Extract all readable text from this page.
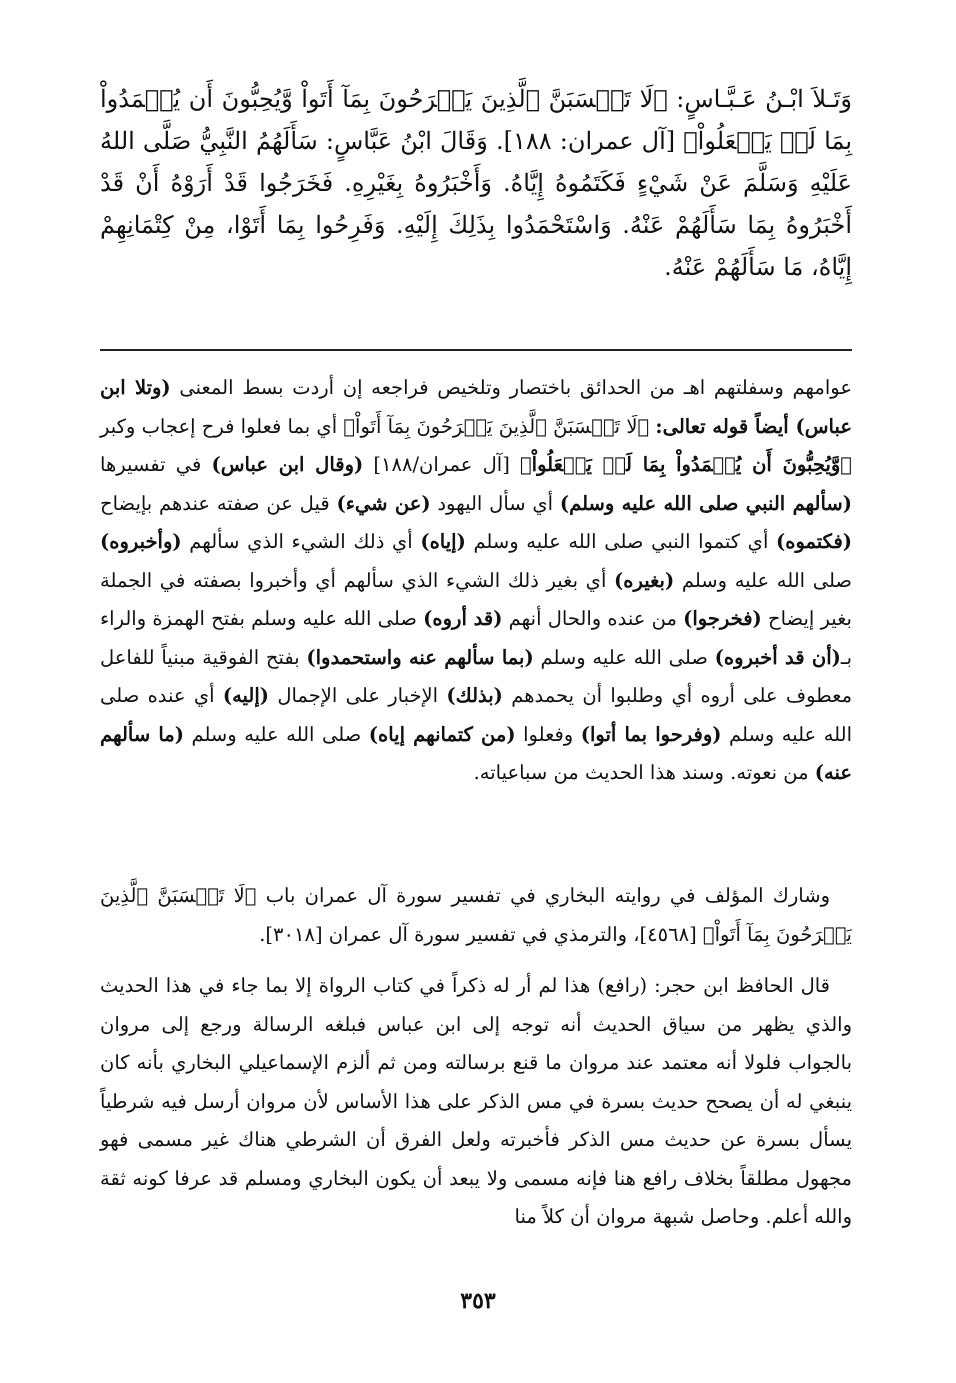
وَتَـلاَ ابْـنُ عَـبَّـاسٍ: ﴿لَا تَحۡسَبَنَّ ٱلَّذِينَ يَفۡرَحُونَ بِمَآ أَتَواْ وَّيُحِبُّونَ أَن يُحۡمَدُواْ بِمَا لَمۡ يَفۡعَلُواْ﴾ [آل عمران: ١٨٨]. وَقَالَ ابْنُ عَبَّاسٍ: سَأَلَهُمُ النَّبِيُّ صَلَّى اللهُ عَلَيْهِ وَسَلَّمَ عَنْ شَيْءٍ فَكَتَمُوهُ إِيَّاهُ. وَأَخْبَرُوهُ بِغَيْرِهِ. فَخَرَجُوا قَدْ أَرَوْهُ أَنْ قَدْ أَخْبَرُوهُ بِمَا سَأَلَهُمْ عَنْهُ. وَاسْتَحْمَدُوا بِذَلِكَ إِلَيْهِ. وَفَرِحُوا بِمَا أَتَوْا، مِنْ كِتْمَانِهِمْ إِيَّاهُ، مَا سَأَلَهُمْ عَنْهُ.

عوامهم وسفلتهم اهـ من الحدائق باختصار وتلخيص فراجعه إن أردت بسط المعنى (وتلا ابن عباس) أيضاً قوله تعالى: ﴿لَا تَحۡسَبَنَّ ٱلَّذِينَ يَفۡرَحُونَ بِمَآ أَتَواْ﴾ أي بما فعلوا فرح إعجاب وكبر ﴿وَّيُحِبُّونَ أَن يُحۡمَدُواْ بِمَا لَمۡ يَفۡعَلُواْ﴾ [آل عمران/١٨٨] (وقال ابن عباس) في تفسيرها (سألهم النبي صلى الله عليه وسلم) أي سأل اليهود (عن شيء) قيل عن صفته عندهم بإيضاح (فكتموه) أي كتموا النبي صلى الله عليه وسلم (إياه) أي ذلك الشيء الذي سألهم (وأخبروه) صلى الله عليه وسلم (بغيره) أي بغير ذلك الشيء الذي سألهم أي وأخبروا بصفته في الجملة بغير إيضاح (فخرجوا) من عنده والحال أنهم (قد أروه) صلى الله عليه وسلم بفتح الهمزة والراء بـ(أن قد أخبروه) صلى الله عليه وسلم (بما سألهم عنه واستحمدوا) بفتح الفوقية مبنياً للفاعل معطوف على أروه أي وطلبوا أن يحمدهم (بذلك) الإخبار على الإجمال (إليه) أي عنده صلى الله عليه وسلم (وفرحوا بما أتوا) وفعلوا (من كتمانهم إياه) صلى الله عليه وسلم (ما سألهم عنه) من نعوته. وسند هذا الحديث من سباعياته.

وشارك المؤلف في روايته البخاري في تفسير سورة آل عمران باب ﴿لَا تَحۡسَبَنَّ ٱلَّذِينَ يَفۡرَحُونَ بِمَآ أَتَواْ﴾ [٤٥٦٨]، والترمذي في تفسير سورة آل عمران [٣٠١٨].

قال الحافظ ابن حجر: (رافع) هذا لم أر له ذكراً في كتاب الرواة إلا بما جاء في هذا الحديث والذي يظهر من سياق الحديث أنه توجه إلى ابن عباس فبلغه الرسالة ورجع إلى مروان بالجواب فلولا أنه معتمد عند مروان ما قنع برسالته ومن ثم ألزم الإسماعيلي البخاري بأنه كان ينبغي له أن يصحح حديث بسرة في مس الذكر على هذا الأساس لأن مروان أرسل فيه شرطياً يسأل بسرة عن حديث مس الذكر فأخبرته ولعل الفرق أن الشرطي هناك غير مسمى فهو مجهول مطلقاً بخلاف رافع هنا فإنه مسمى ولا يبعد أن يكون البخاري ومسلم قد عرفا كونه ثقة والله أعلم. وحاصل شبهة مروان أن كلاً منا

٣٥٣
